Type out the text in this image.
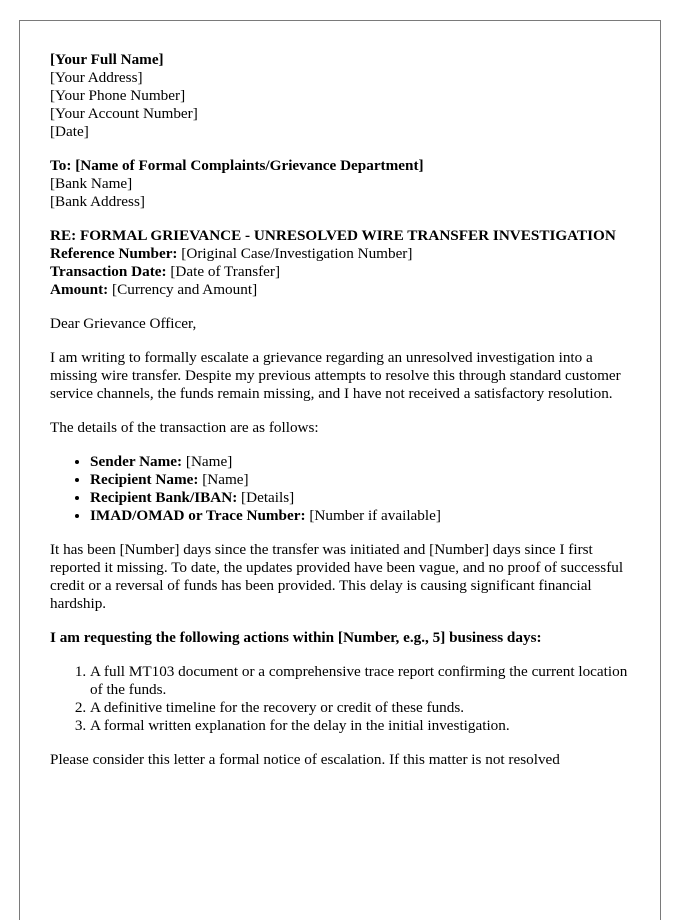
[Your Full Name]

[Your Address]

[Your Phone Number]

[Your Account Number]

[Date]

To: [Name of Formal Complaints/Grievance Department]

[Bank Name]

[Bank Address]

RE: FORMAL GRIEVANCE - UNRESOLVED WIRE TRANSFER INVESTIGATION

Reference Number: [Original Case/Investigation Number]

Transaction Date: [Date of Transfer]

Amount: [Currency and Amount]

Dear Grievance Officer,

I am writing to formally escalate a grievance regarding an unresolved investigation into a missing wire transfer. Despite my previous attempts to resolve this through standard customer service channels, the funds remain missing, and I have not received a satisfactory resolution.

The details of the transaction are as follows:

• Sender Name: [Name]
• Recipient Name: [Name]
• Recipient Bank/IBAN: [Details]
• IMAD/OMAD or Trace Number: [Number if available]

It has been [Number] days since the transfer was initiated and [Number] days since I first reported it missing. To date, the updates provided have been vague, and no proof of successful credit or a reversal of funds has been provided. This delay is causing significant financial hardship.

I am requesting the following actions within [Number, e.g., 5] business days:

1. A full MT103 document or a comprehensive trace report confirming the current location of the funds.
2. A definitive timeline for the recovery or credit of these funds.
3. A formal written explanation for the delay in the initial investigation.

Please consider this letter a formal notice of escalation. If this matter is not resolved
